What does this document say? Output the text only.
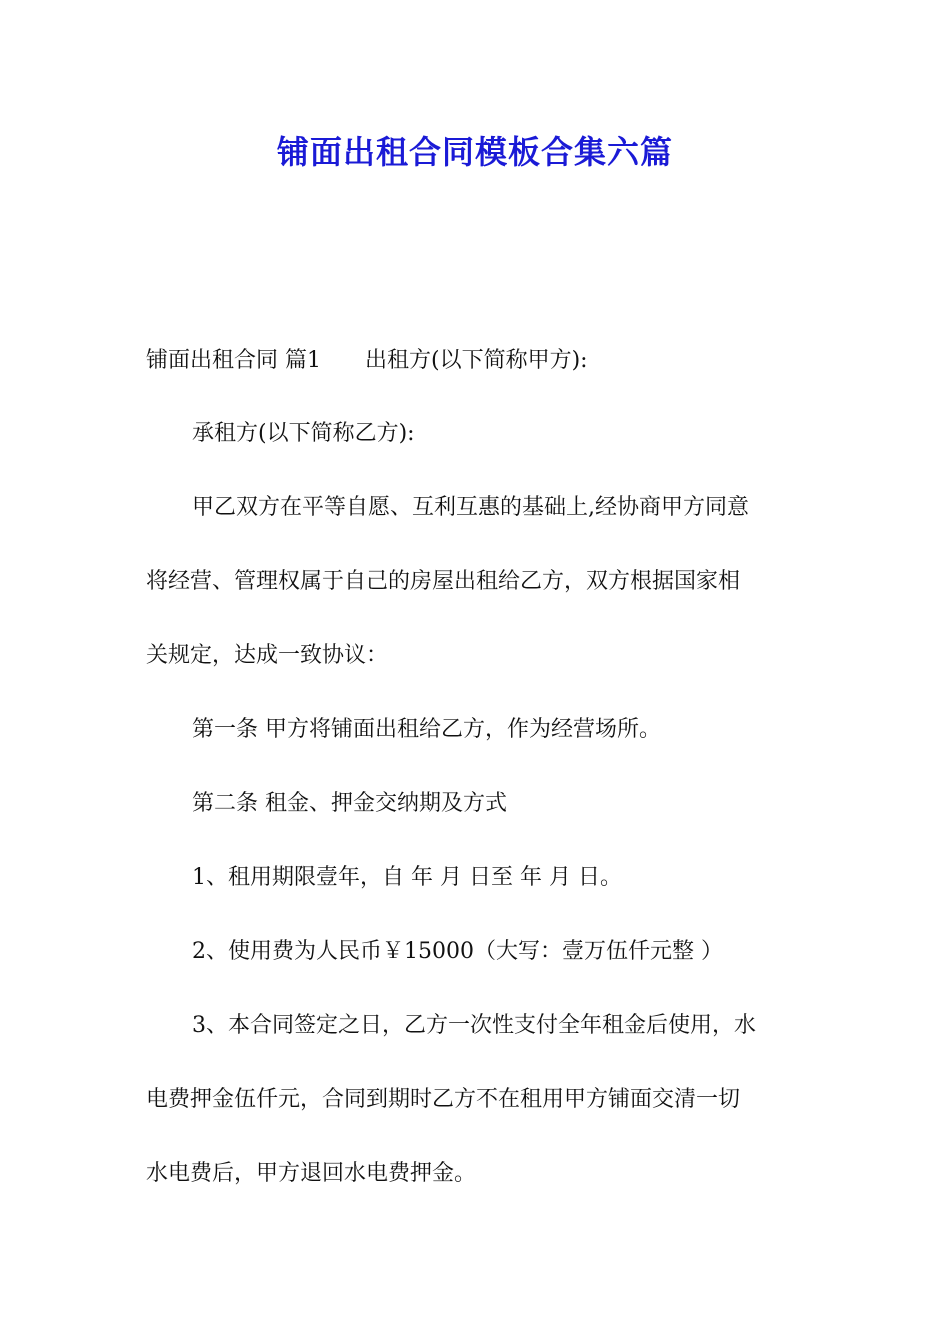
铺面出租合同模板合集六篇

铺面出租合同 篇1 出租方(以下简称甲方):

承租方(以下简称乙方):

甲乙双方在平等自愿、互利互惠的基础上,经协商甲方同意

将经营、管理权属于自己的房屋出租给乙方，双方根据国家相

关规定，达成一致协议：

第一条 甲方将铺面出租给乙方，作为经营场所。

第二条 租金、押金交纳期及方式

1、租用期限壹年，自 年 月 日至 年 月 日。

2、使用费为人民币￥15000（大写：壹万伍仟元整 ）

3、本合同签定之日，乙方一次性支付全年租金后使用，水

电费押金伍仟元，合同到期时乙方不在租用甲方铺面交清一切

水电费后，甲方退回水电费押金。
